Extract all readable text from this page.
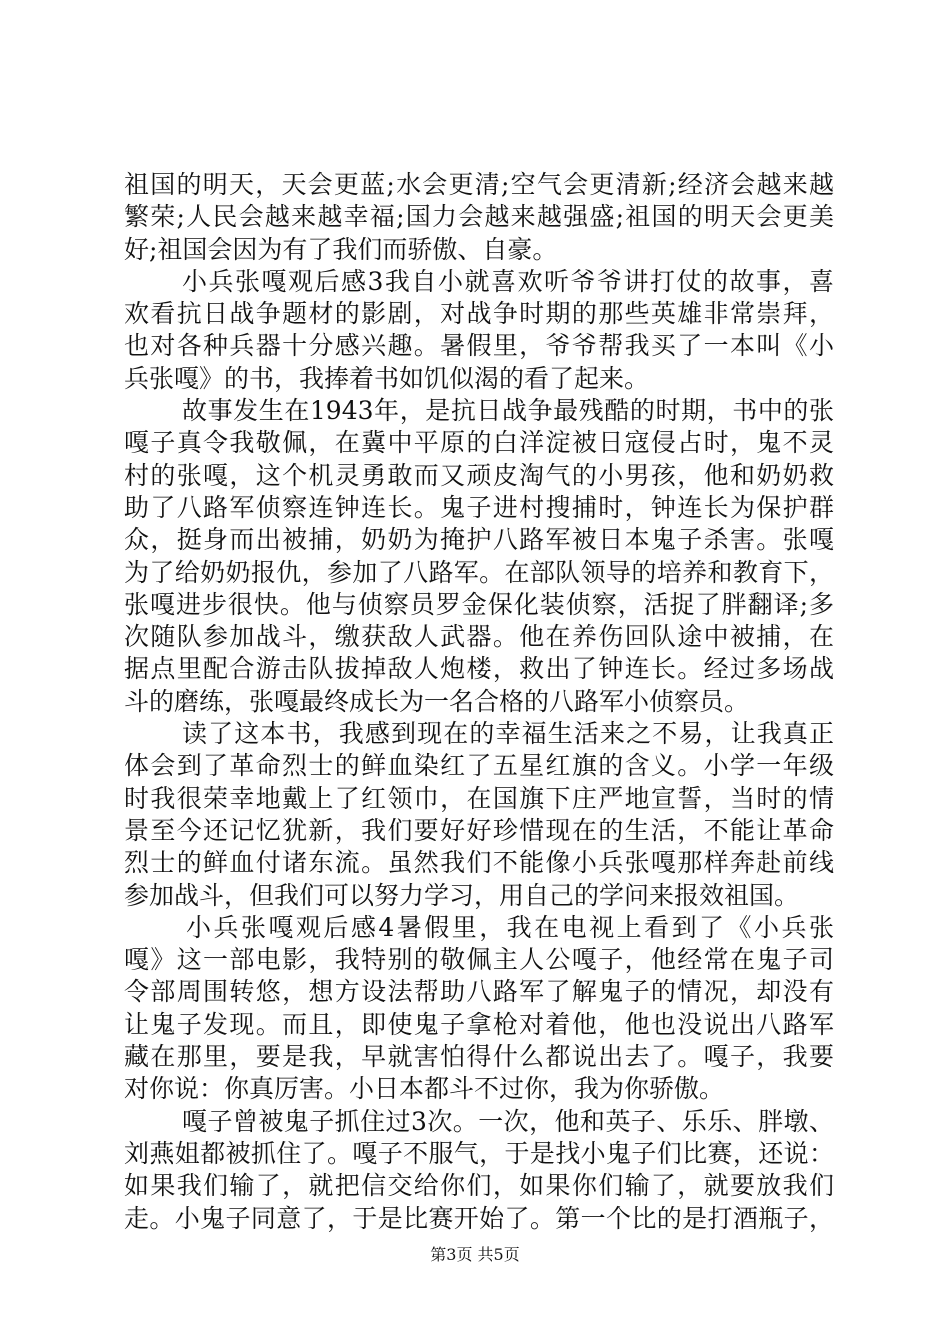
祖国的明天，天会更蓝;水会更清;空气会更清新;经济会越来越
繁荣;人民会越来越幸福;国力会越来越强盛;祖国的明天会更美
好;祖国会因为有了我们而骄傲、自豪。
小兵张嘎观后感3我自小就喜欢听爷爷讲打仗的故事，喜
欢看抗日战争题材的影剧，对战争时期的那些英雄非常崇拜，
也对各种兵器十分感兴趣。暑假里，爷爷帮我买了一本叫《小
兵张嘎》的书，我捧着书如饥似渴的看了起来。
故事发生在1943年，是抗日战争最残酷的时期，书中的张
嘎子真令我敬佩，在冀中平原的白洋淀被日寇侵占时，鬼不灵
村的张嘎，这个机灵勇敢而又顽皮淘气的小男孩，他和奶奶救
助了八路军侦察连钟连长。鬼子进村搜捕时，钟连长为保护群
众，挺身而出被捕，奶奶为掩护八路军被日本鬼子杀害。张嘎
为了给奶奶报仇，参加了八路军。在部队领导的培养和教育下，
张嘎进步很快。他与侦察员罗金保化装侦察，活捉了胖翻译;多
次随队参加战斗，缴获敌人武器。他在养伤回队途中被捕，在
据点里配合游击队拔掉敌人炮楼，救出了钟连长。经过多场战
斗的磨练，张嘎最终成长为一名合格的八路军小侦察员。
读了这本书，我感到现在的幸福生活来之不易，让我真正
体会到了革命烈士的鲜血染红了五星红旗的含义。小学一年级
时我很荣幸地戴上了红领巾，在国旗下庄严地宣誓，当时的情
景至今还记忆犹新，我们要好好珍惜现在的生活，不能让革命
烈士的鲜血付诸东流。虽然我们不能像小兵张嘎那样奔赴前线
参加战斗，但我们可以努力学习，用自己的学问来报效祖国。
小兵张嘎观后感4暑假里，我在电视上看到了《小兵张
嘎》这一部电影，我特别的敬佩主人公嘎子，他经常在鬼子司
令部周围转悠，想方设法帮助八路军了解鬼子的情况，却没有
让鬼子发现。而且，即使鬼子拿枪对着他，他也没说出八路军
藏在那里，要是我，早就害怕得什么都说出去了。嘎子，我要
对你说：你真厉害。小日本都斗不过你，我为你骄傲。
嘎子曾被鬼子抓住过3次。一次，他和英子、乐乐、胖墩、
刘燕姐都被抓住了。嘎子不服气，于是找小鬼子们比赛，还说：
如果我们输了，就把信交给你们，如果你们输了，就要放我们
走。小鬼子同意了，于是比赛开始了。第一个比的是打酒瓶子，
第3页 共5页
